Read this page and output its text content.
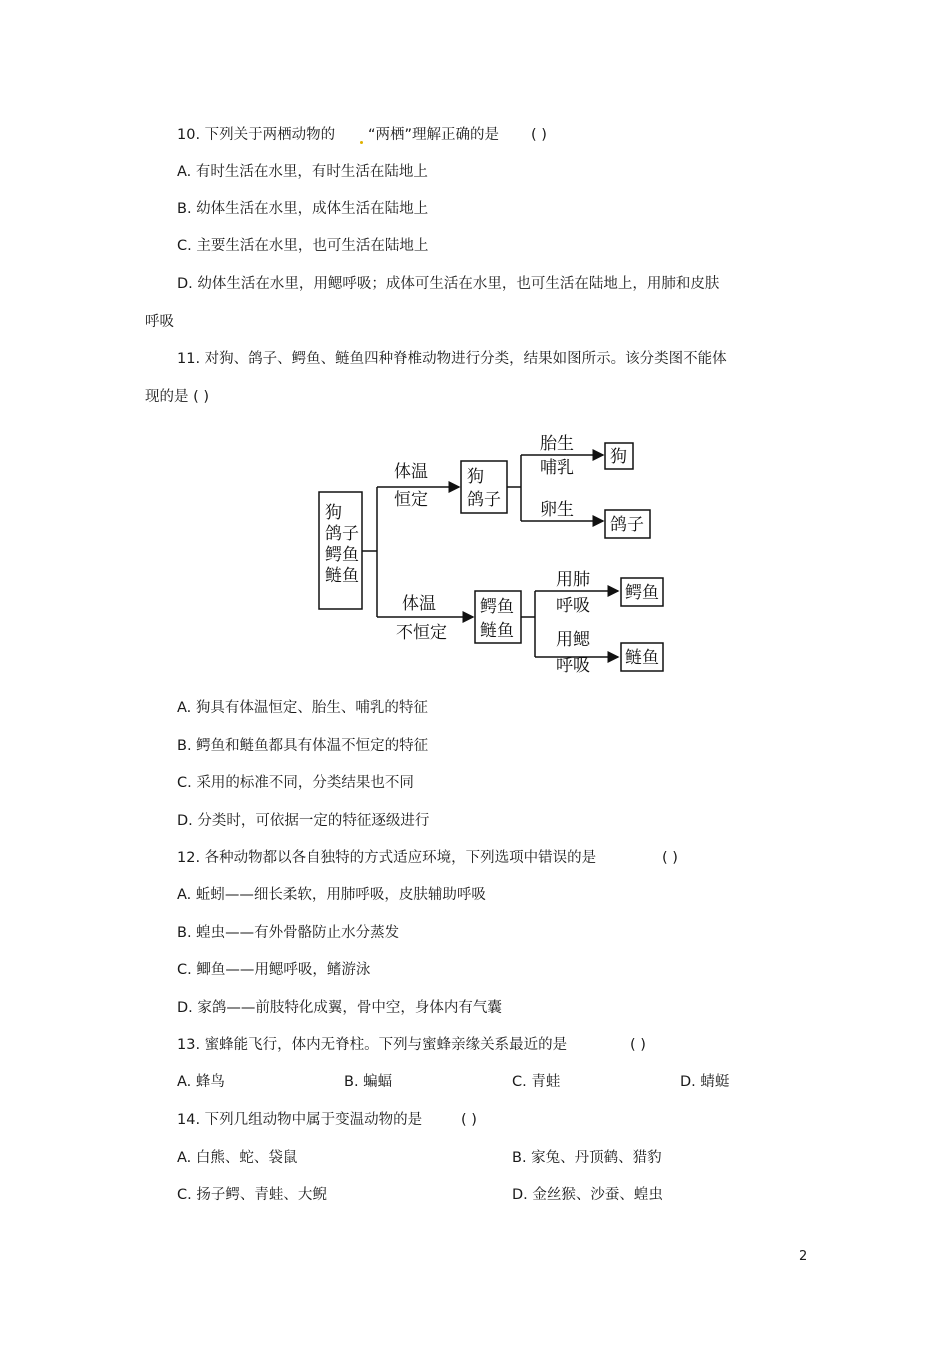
10. 下列关于两栖动物的 “两栖”理解正确的是 ( )
A. 有时生活在水里，有时生活在陆地上
B. 幼体生活在水里，成体生活在陆地上
C. 主要生活在水里，也可生活在陆地上
D. 幼体生活在水里，用鳃呼吸；成体可生活在水里，也可生活在陆地上，用肺和皮肤
呼吸
11. 对狗、鸽子、鳄鱼、鲢鱼四种脊椎动物进行分类，结果如图所示。该分类图不能体
现的是 ( )
狗
鸽子
鳄鱼
鲢鱼
体温
恒定
体温
不恒定
狗
鸽子
胎生
哺乳
卵生
狗
鸽子
鳄鱼
鲢鱼
用肺
呼吸
用鳃
呼吸
鳄鱼
鲢鱼
A. 狗具有体温恒定、胎生、哺乳的特征
B. 鳄鱼和鲢鱼都具有体温不恒定的特征
C. 采用的标准不同，分类结果也不同
D. 分类时，可依据一定的特征逐级进行
12. 各种动物都以各自独特的方式适应环境，下列选项中错误的是	( )
A. 蚯蚓——细长柔软，用肺呼吸，皮肤辅助呼吸
B. 蝗虫——有外骨骼防止水分蒸发
C. 鲫鱼——用鳃呼吸，鳍游泳
D. 家鸽——前肢特化成翼，骨中空，身体内有气囊
13. 蜜蜂能飞行，体内无脊柱。下列与蜜蜂亲缘关系最近的是	( )
A. 蜂鸟	B. 蝙蝠	C. 青蛙	D. 蜻蜓
14. 下列几组动物中属于变温动物的是	( )
A. 白熊、蛇、袋鼠	B. 家兔、丹顶鹤、猎豹
C. 扬子鳄、青蛙、大鲵	D. 金丝猴、沙蚕、蝗虫
2
